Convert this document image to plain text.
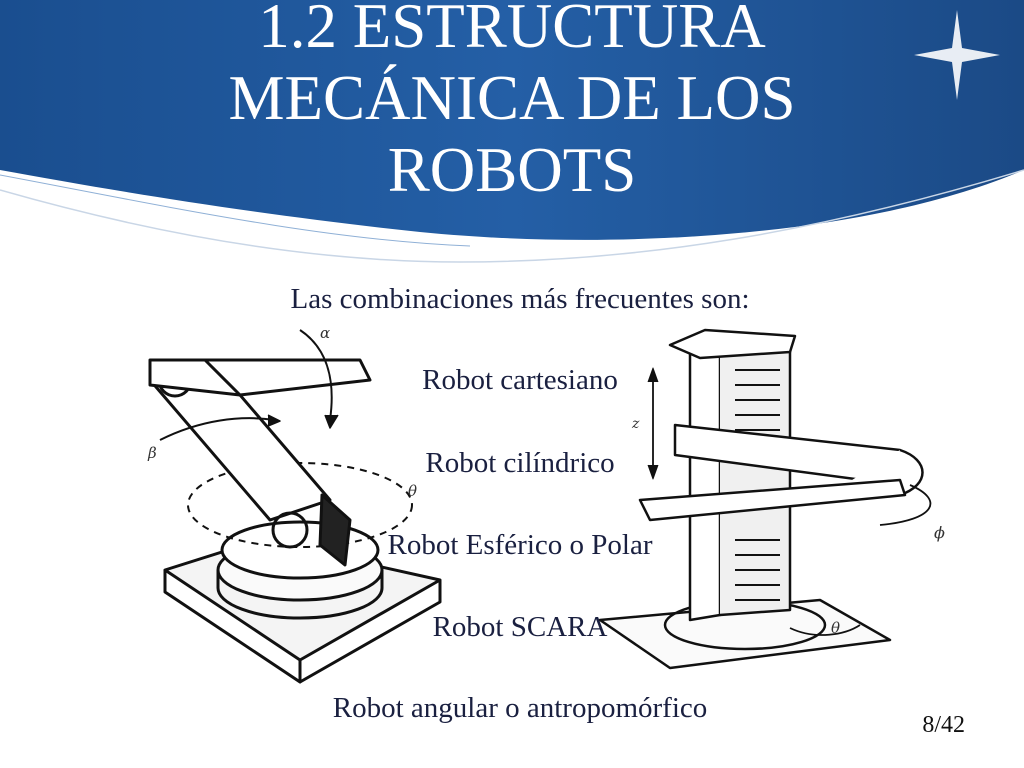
1.2 ESTRUCTURA
MECÁNICA DE LOS
ROBOTS
α
β
θ
z
ϕ
θ
Las combinaciones más frecuentes son:
Robot cartesiano
Robot cilíndrico
Robot Esférico o Polar
Robot SCARA
Robot angular o antropomórfico
8/42
